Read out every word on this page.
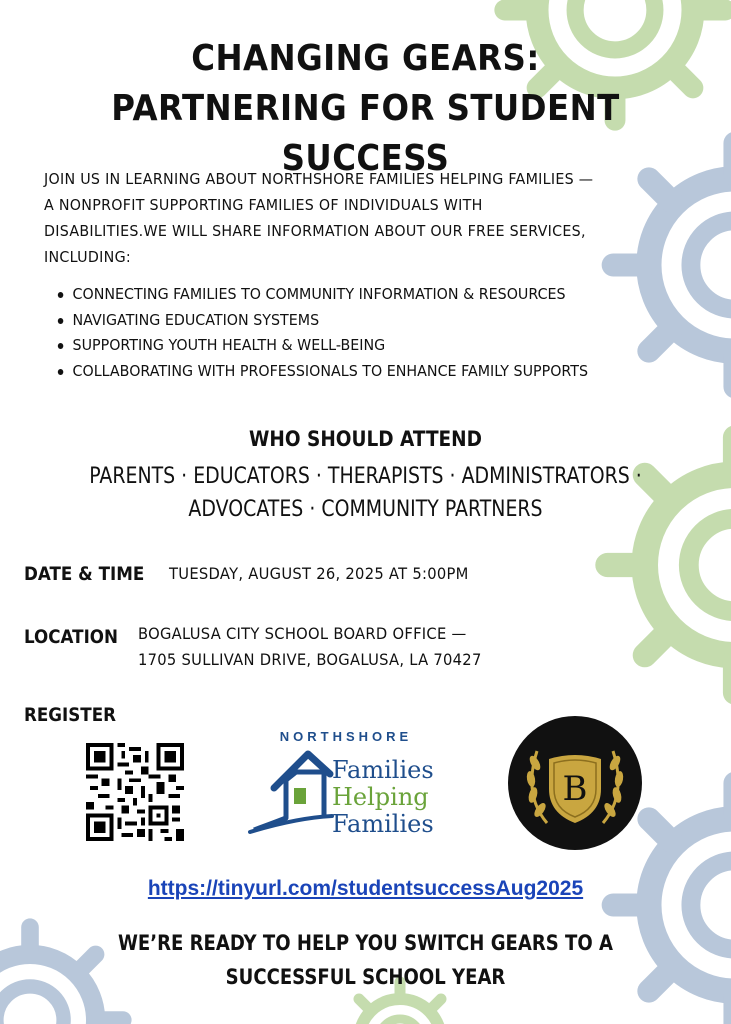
CHANGING GEARS:
PARTNERING FOR STUDENT SUCCESS
JOIN US IN LEARNING ABOUT NORTHSHORE FAMILIES HELPING FAMILIES — A NONPROFIT SUPPORTING FAMILIES OF INDIVIDUALS WITH DISABILITIES.WE WILL SHARE INFORMATION ABOUT OUR FREE SERVICES, INCLUDING:
CONNECTING FAMILIES TO COMMUNITY INFORMATION & RESOURCES
NAVIGATING EDUCATION SYSTEMS
SUPPORTING YOUTH HEALTH & WELL-BEING
COLLABORATING WITH PROFESSIONALS TO ENHANCE FAMILY SUPPORTS
WHO SHOULD ATTEND
PARENTS · EDUCATORS · THERAPISTS · ADMINISTRATORS ·
ADVOCATES · COMMUNITY PARTNERS
DATE & TIME TUESDAY, AUGUST 26, 2025 AT 5:00PM
LOCATION BOGALUSA CITY SCHOOL BOARD OFFICE —
1705 SULLIVAN DRIVE, BOGALUSA, LA 70427
REGISTER
NORTHSHORE
Families
Helping
Families
B
https://tinyurl.com/studentsuccessAug2025
WE’RE READY TO HELP YOU SWITCH GEARS TO A
SUCCESSFUL SCHOOL YEAR
